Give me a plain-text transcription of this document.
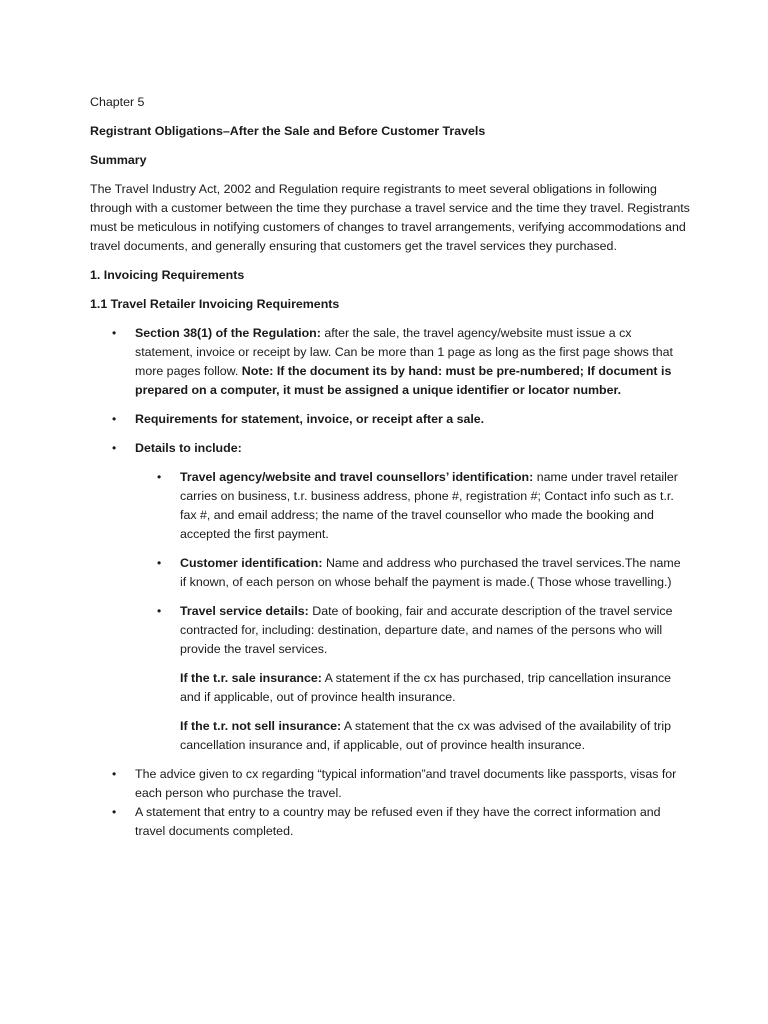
Chapter 5

Registrant Obligations–After the Sale and Before Customer Travels

Summary

The Travel Industry Act, 2002 and Regulation require registrants to meet several obligations in following through with a customer between the time they purchase a travel service and the time they travel. Registrants must be meticulous in notifying customers of changes to travel arrangements, verifying accommodations and travel documents, and generally ensuring that customers get the travel services they purchased.

1. Invoicing Requirements

1.1 Travel Retailer Invoicing Requirements

• Section 38(1) of the Regulation: after the sale, the travel agency/website must issue a cx statement, invoice or receipt by law. Can be more than 1 page as long as the first page shows that more pages follow. Note: If the document its by hand: must be pre-numbered; If document is prepared on a computer, it must be assigned a unique identifier or locator number.
• Requirements for statement, invoice, or receipt after a sale.
• Details to include:
• Travel agency/website and travel counsellors’ identification: name under travel retailer carries on business, t.r. business address, phone #, registration #; Contact info such as t.r. fax #, and email address; the name of the travel counsellor who made the booking and accepted the first payment.
• Customer identification: Name and address who purchased the travel services.The name if known, of each person on whose behalf the payment is made.( Those whose travelling.)
• Travel service details: Date of booking, fair and accurate description of the travel service contracted for, including: destination, departure date, and names of the persons who will provide the travel services.
If the t.r. sale insurance: A statement if the cx has purchased, trip cancellation insurance and if applicable, out of province health insurance.
If the t.r. not sell insurance: A statement that the cx was advised of the availability of trip cancellation insurance and, if applicable, out of province health insurance.
• The advice given to cx regarding “typical information”and travel documents like passports, visas for each person who purchase the travel.
• A statement that entry to a country may be refused even if they have the correct information and travel documents completed.
